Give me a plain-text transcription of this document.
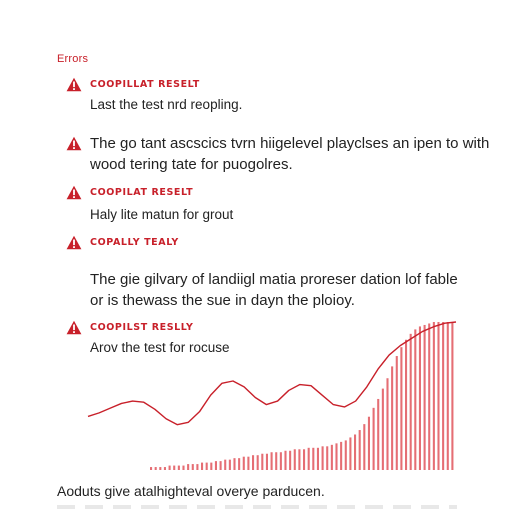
Errors
COOPILLAT RESELT
Last the test nrd reopling.
The go tant ascscics tvrn hiigelevel playclses an ipen to with
wood tering tate for puogolres.
COOPILAT RESELT
Haly lite matun for grout
COPALLY TEALY
The gie gilvary of landiigl matia proreser dation lof fable
or is thewass the sue in dayn the ploioy.
COOPILST RESLLY
Arov the test for rocuse
Aoduts give atalhighteval overye parducen.
